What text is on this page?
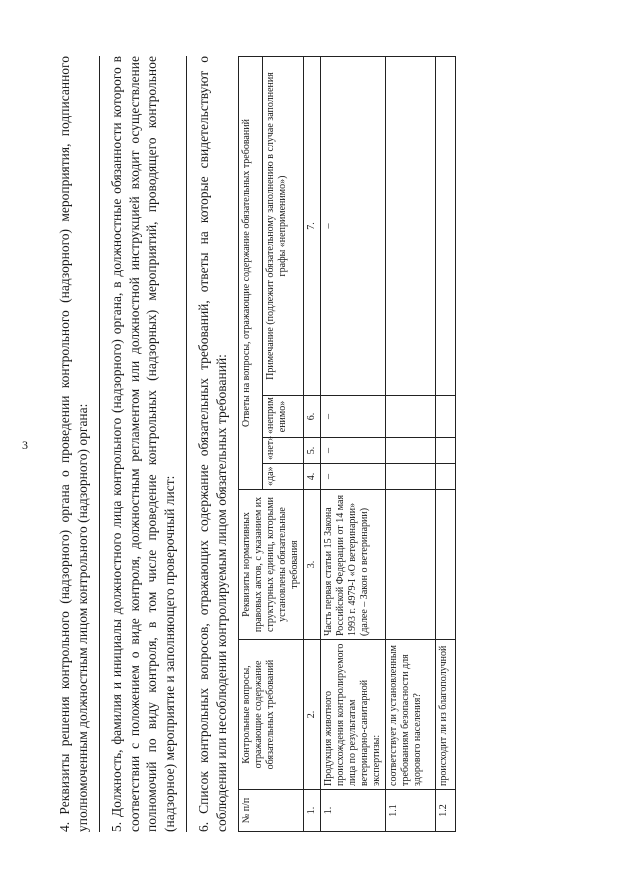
3 4. Реквизиты решения контрольного (надзорного) органа о проведении контрольного (надзорного) мероприятия, подписанного уполномоченным должностным лицом контрольного (надзорного) органа: 5. Должность, фамилия и инициалы должностного лица контрольного (надзорного) органа, в должностные обязанности которого в соответствии с положением о виде контроля, должностным регламентом или должностной инструкцией входит осуществление полномочий по виду контроля, в том числе проведение контрольных (надзорных) мероприятий, проводящего контрольное (надзорное) мероприятие и заполняющего проверочный лист: 6. Список контрольных вопросов, отражающих содержание обязательных требований, ответы на которые свидетельствуют о соблюдении или несоблюдении контролируемым лицом обязательных требований: № п/п	Контрольные вопросы, отражающие содержание обязательных требований	Реквизиты нормативных правовых актов, с указанием их структурных единиц, которыми установлены обязательные требования	Ответы на вопросы, отражающие содержание обязательных требований			
			«да»	«нет»	«неприм енимо»	Примечание (подлежит обязательному заполнению в случае заполнения графы «неприменимо»)
1.	2.	3.	4.	5.	6.	7.
1.	Продукция животного происхождения контролируемого лица по результатам ветеринарно-санитарной экспертизы:	Часть первая статьи 15 Закона Российской Федерации от 14 мая 1993 г. 4979-I «О ветеринарии» (далее – Закон о ветеринарии)	–	–	–	–
1.1	соответствует ли установленным требованиям безопасности для здорового населения?					
1.2	происходит ли из благополучной					
